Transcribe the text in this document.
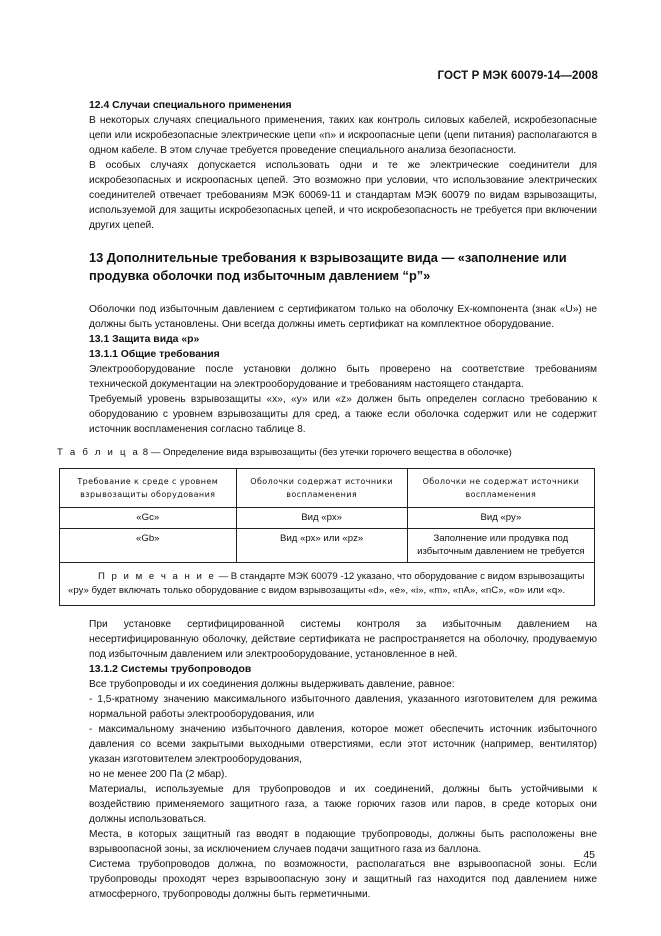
ГОСТ Р МЭК 60079-14—2008
12.4 Случаи специального применения

В некоторых случаях специального применения, таких как контроль силовых кабелей, искробезопасные цепи или искробезопасные электрические цепи «n» и искроопасные цепи (цепи питания) располагаются в одном кабеле. В этом случае требуется проведение специального анализа безопасности.

В особых случаях допускается использовать одни и те же электрические соединители для искробезопасных и искроопасных цепей. Это возможно при условии, что использование электрических соединителей отвечает требованиям МЭК 60069-11 и стандартам МЭК 60079 по видам взрывозащиты, используемой для защиты искробезопасных цепей, и что искробезопасность не требуется при включении других цепей.

13 Дополнительные требования к взрывозащите вида — «заполнение или продувка оболочки под избыточным давлением “р”»

Оболочки под избыточным давлением с сертификатом только на оболочку Ex-компонента (знак «U») не должны быть установлены. Они всегда должны иметь сертификат на комплектное оборудование.

13.1 Защита вида «р»
13.1.1 Общие требования

Электрооборудование после установки должно быть проверено на соответствие требованиям технической документации на электрооборудование и требованиям настоящего стандарта.

Требуемый уровень взрывозащиты «х», «у» или «z» должен быть определен согласно требованию к оборудованию с уровнем взрывозащиты для сред, а также если оболочка содержит или не содержит источник воспламенения согласно таблице 8.

Т а б л и ц а 8 — Определение вида взрывозащиты (без утечки горючего вещества в оболочке)
Требование к среде с уровнем взрывозащиты оборудования	Оболочки содержат источники воспламенения	Оболочки не содержат источники воспламенения
«Gc»	Вид «рх»	Вид «ру»
«Gb»	Вид «рх» или «pz»	Заполнение или продувка под избыточным давлением не требуется
П р и м е ч а н и е — В стандарте МЭК 60079 -12 указано, что оборудование с видом взрывозащиты «ру» будет включать только оборудование с видом взрывозащиты «d», «е», «i», «m», «nA», «nC», «о» или «q».		

При установке сертифицированной системы контроля за избыточным давлением на несертифицированную оболочку, действие сертификата не распространяется на оболочку, продуваемую под избыточным давлением или электрооборудование, установленное в ней.

13.1.2 Системы трубопроводов

Все трубопроводы и их соединения должны выдерживать давление, равное:

- 1,5-кратному значению максимального избыточного давления, указанного изготовителем для режима нормальной работы электрооборудования, или

- максимальному значению избыточного давления, которое может обеспечить источник избыточного давления со всеми закрытыми выходными отверстиями, если этот источник (например, вентилятор) указан изготовителем электрооборудования,

но не менее 200 Па (2 мбар).

Материалы, используемые для трубопроводов и их соединений, должны быть устойчивыми к воздействию применяемого защитного газа, а также горючих газов или паров, в среде которых они должны использоваться.

Места, в которых защитный газ вводят в подающие трубопроводы, должны быть расположены вне взрывоопасной зоны, за исключением случаев подачи защитного газа из баллона.

Система трубопроводов должна, по возможности, располагаться вне взрывоопасной зоны. Если трубопроводы проходят через взрывоопасную зону и защитный газ находится под давлением ниже атмосферного, трубопроводы должны быть герметичными.

45
